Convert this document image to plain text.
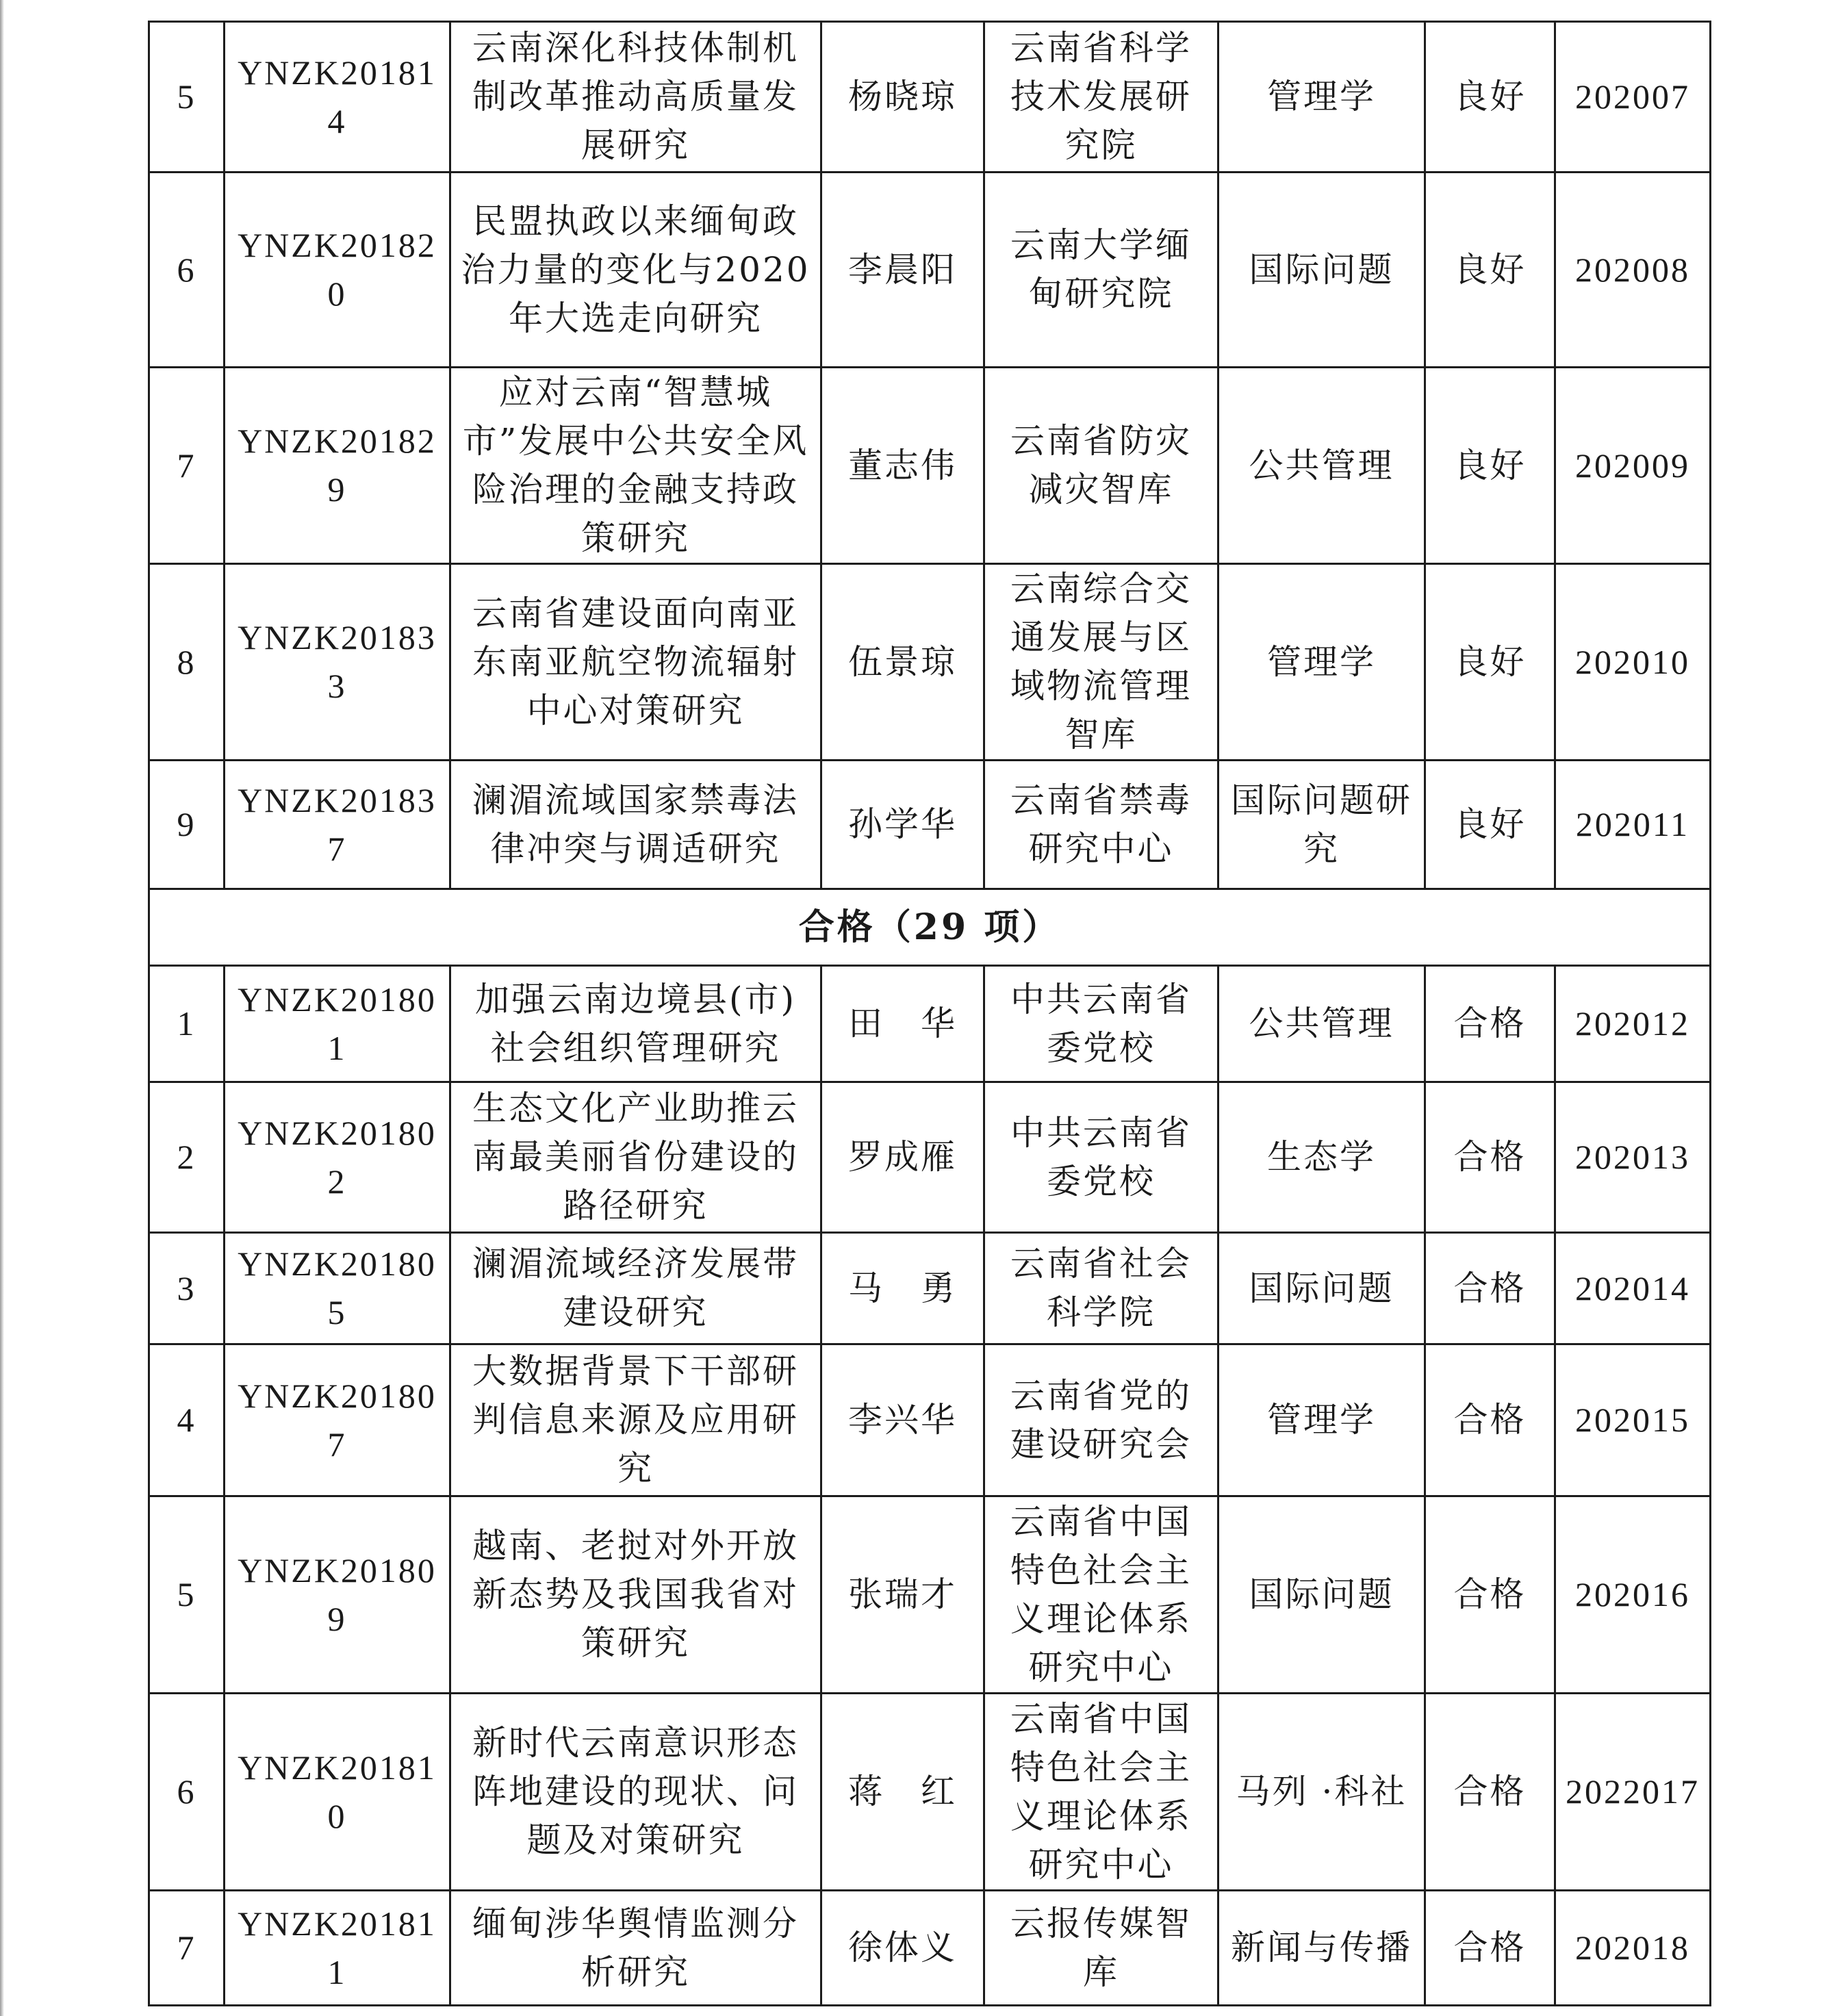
5	YNZK201814	云南深化科技体制机制改革推动高质量发展研究	杨晓琼	云南省科学技术发展研究院	管理学	良好	202007
6	YNZK201820	民盟执政以来缅甸政治力量的变化与2020年大选走向研究	李晨阳	云南大学缅甸研究院	国际问题	良好	202008
7	YNZK201829	应对云南“智慧城市”发展中公共安全风险治理的金融支持政策研究	董志伟	云南省防灾减灾智库	公共管理	良好	202009
8	YNZK201833	云南省建设面向南亚东南亚航空物流辐射中心对策研究	伍景琼	云南综合交通发展与区域物流管理智库	管理学	良好	202010
9	YNZK201837	澜湄流域国家禁毒法律冲突与调适研究	孙学华	云南省禁毒研究中心	国际问题研究	良好	202011
合格（29 项）							
1	YNZK201801	加强云南边境县(市)社会组织管理研究	田　华	中共云南省委党校	公共管理	合格	202012
2	YNZK201802	生态文化产业助推云南最美丽省份建设的路径研究	罗成雁	中共云南省委党校	生态学	合格	202013
3	YNZK201805	澜湄流域经济发展带建设研究	马　勇	云南省社会科学院	国际问题	合格	202014
4	YNZK201807	大数据背景下干部研判信息来源及应用研究	李兴华	云南省党的建设研究会	管理学	合格	202015
5	YNZK201809	越南、老挝对外开放新态势及我国我省对策研究	张瑞才	云南省中国特色社会主义理论体系研究中心	国际问题	合格	202016
6	YNZK201810	新时代云南意识形态阵地建设的现状、问题及对策研究	蒋　红	云南省中国特色社会主义理论体系研究中心	马列 ·科社	合格	2022017
7	YNZK201811	缅甸涉华舆情监测分析研究	徐体义	云报传媒智库	新闻与传播	合格	202018
